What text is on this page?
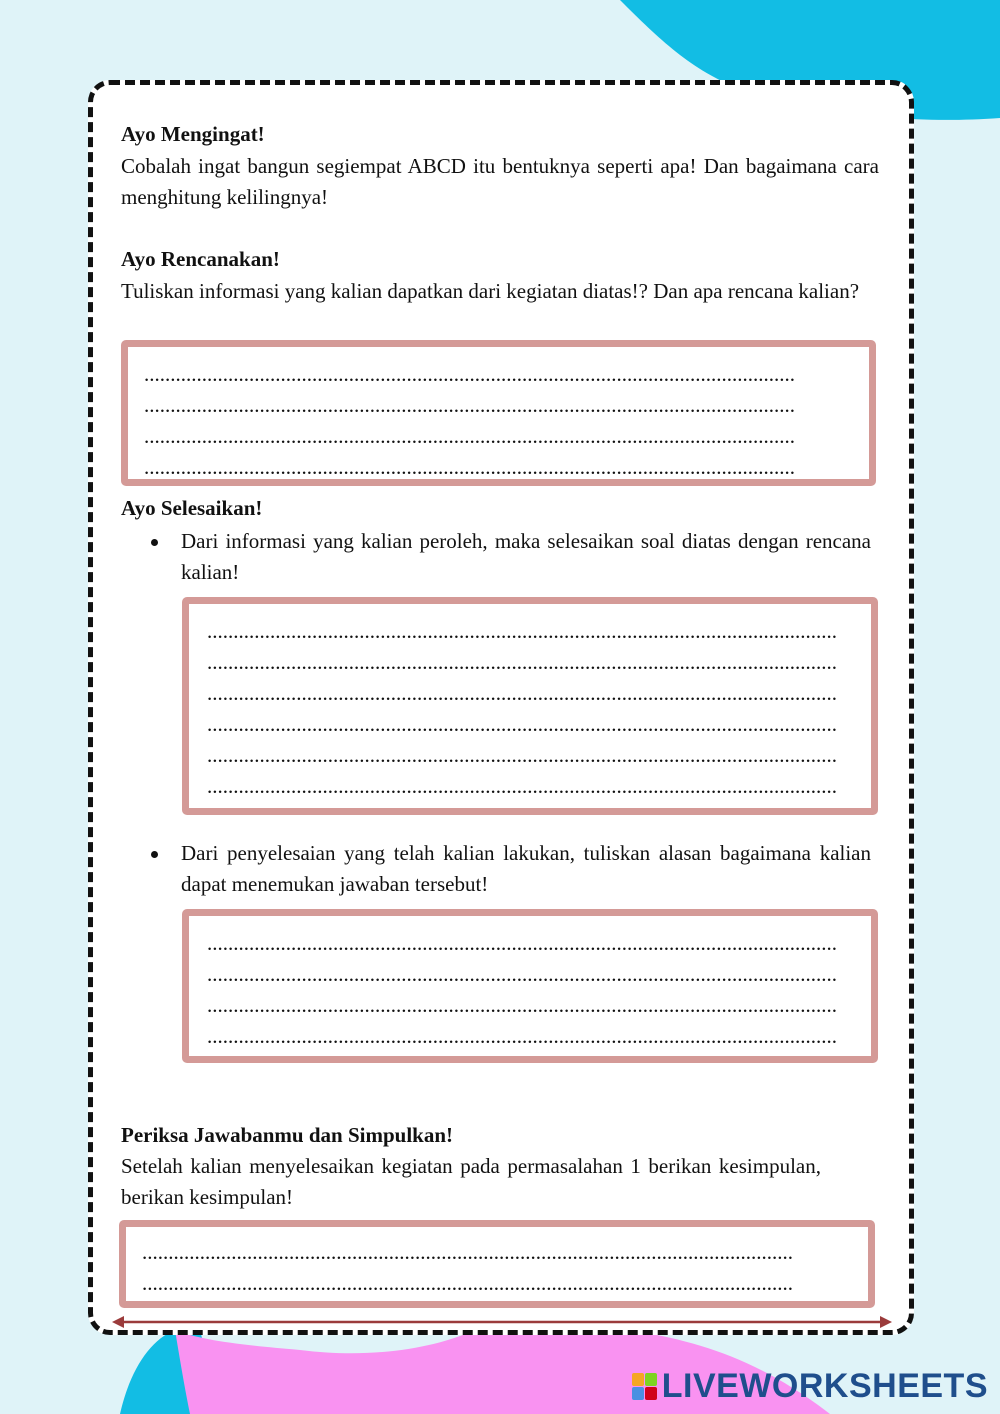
Ayo Mengingat!
Cobalah ingat bangun segiempat ABCD itu bentuknya seperti apa! Dan bagaimana cara menghitung kelilingnya!
Ayo Rencanakan!
Tuliskan informasi yang kalian dapatkan dari kegiatan diatas!? Dan apa rencana kalian?
............................................................................................................................
............................................................................................................................
............................................................................................................................
............................................................................................................................
Ayo Selesaikan!
Dari informasi yang kalian peroleh, maka selesaikan soal diatas dengan rencana kalian!
........................................................................................................................
........................................................................................................................
........................................................................................................................
........................................................................................................................
........................................................................................................................
........................................................................................................................
Dari penyelesaian yang telah kalian lakukan, tuliskan alasan bagaimana kalian dapat menemukan jawaban tersebut!
........................................................................................................................
........................................................................................................................
........................................................................................................................
........................................................................................................................
Periksa Jawabanmu dan Simpulkan!
Setelah kalian menyelesaikan kegiatan pada permasalahan 1 berikan kesimpulan, berikan kesimpulan!
............................................................................................................................
............................................................................................................................
LIVEWORKSHEETS
